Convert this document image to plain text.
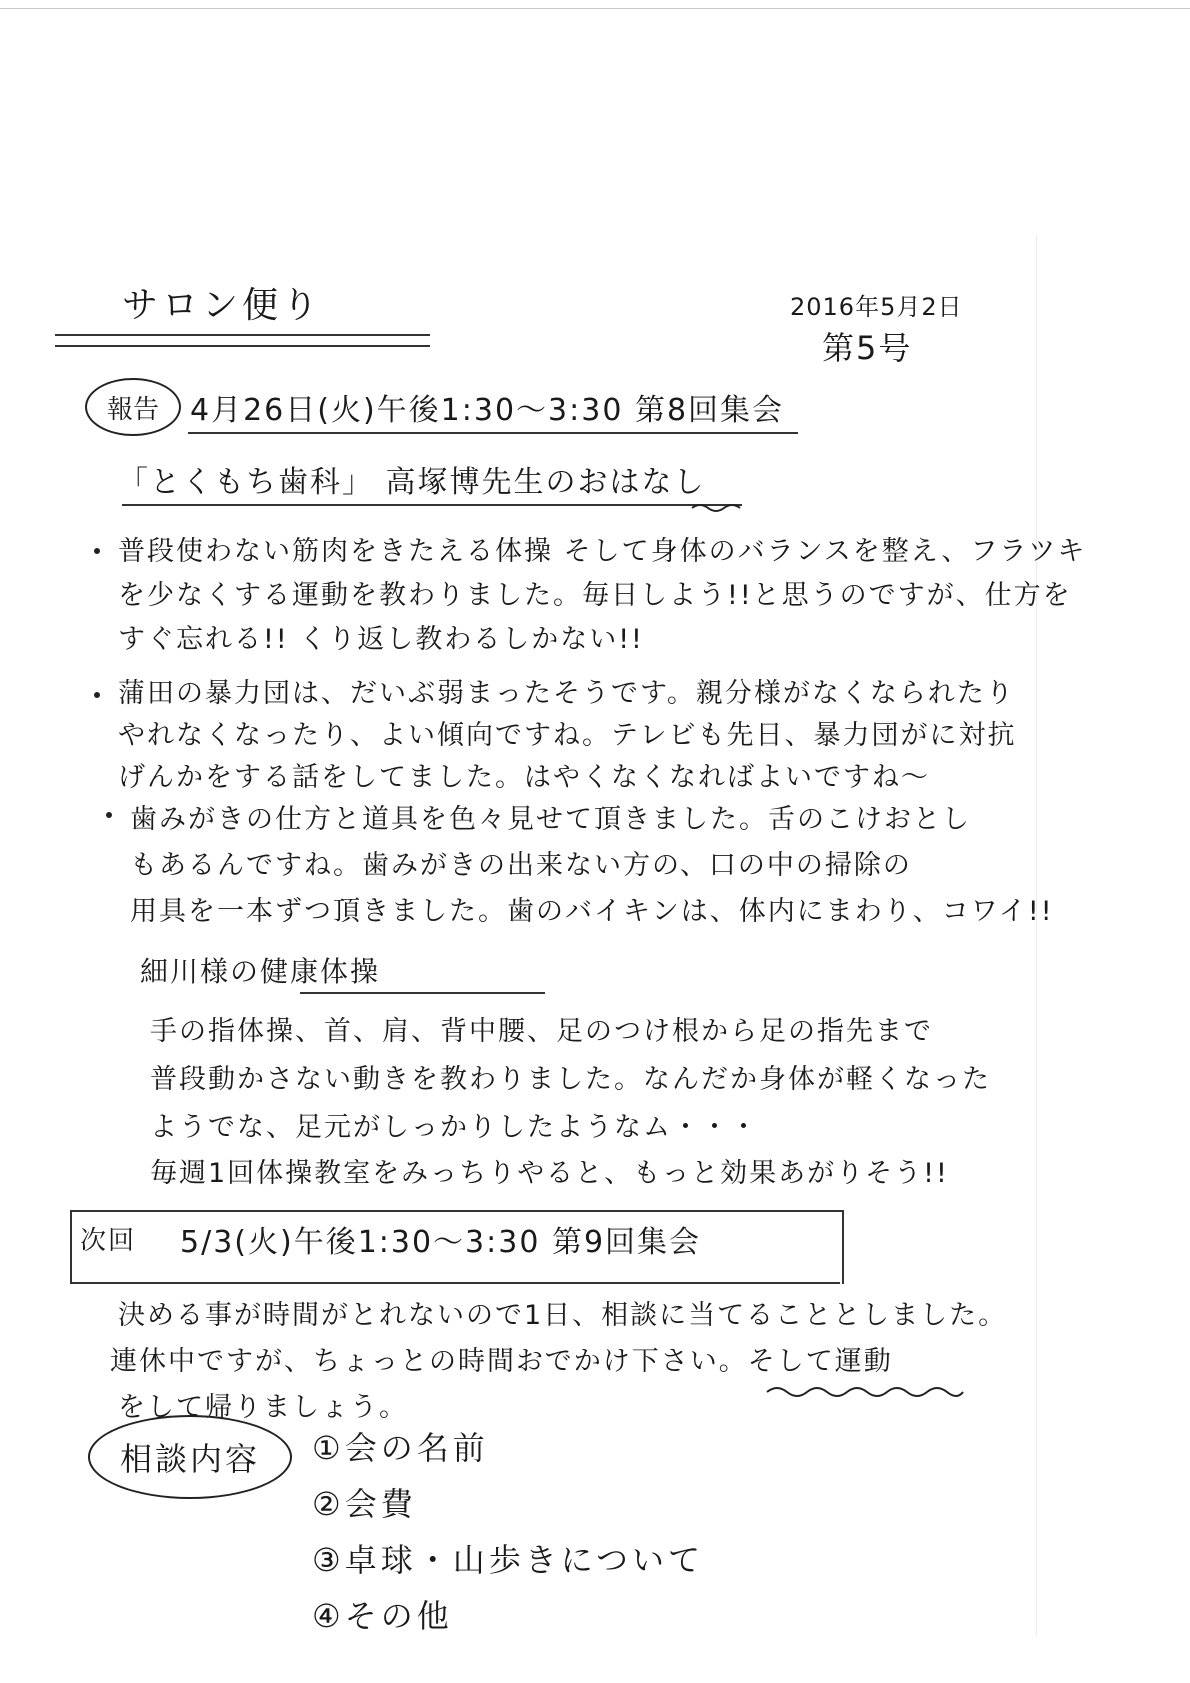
サロン便り	2016年5月2日
第5号
報告 4月26日(火)午後1:30〜3:30 第8回集会
「とくもち歯科」 高塚博先生のおはなし
普段使わない筋肉をきたえる体操 そして身体のバランスを整え、フラツキ
を少なくする運動を教わりました。毎日しよう!!と思うのですが、仕方を
すぐ忘れる!! くり返し教わるしかない!!
蒲田の暴力団は、だいぶ弱まったそうです。親分様がなくなられたり
やれなくなったり、よい傾向ですね。テレビも先日、暴力団がに対抗
げんかをする話をしてました。はやくなくなればよいですね〜
歯みがきの仕方と道具を色々見せて頂きました。舌のこけおとし
もあるんですね。歯みがきの出来ない方の、口の中の掃除の
用具を一本ずつ頂きました。歯のバイキンは、体内にまわり、コワイ!!
細川様の健康体操
手の指体操、首、肩、背中腰、足のつけ根から足の指先まで
普段動かさない動きを教わりました。なんだか身体が軽くなった
ようでな、足元がしっかりしたようなム・・・
毎週1回体操教室をみっちりやると、もっと効果あがりそう!!
次回 5/3(火)午後1:30〜3:30 第9回集会
決める事が時間がとれないので1日、相談に当てることとしました。
連休中ですが、ちょっとの時間おでかけ下さい。そして運動
をして帰りましょう。
相談内容 ①会の名前
②会費
③卓球・山歩きについて
④その他
